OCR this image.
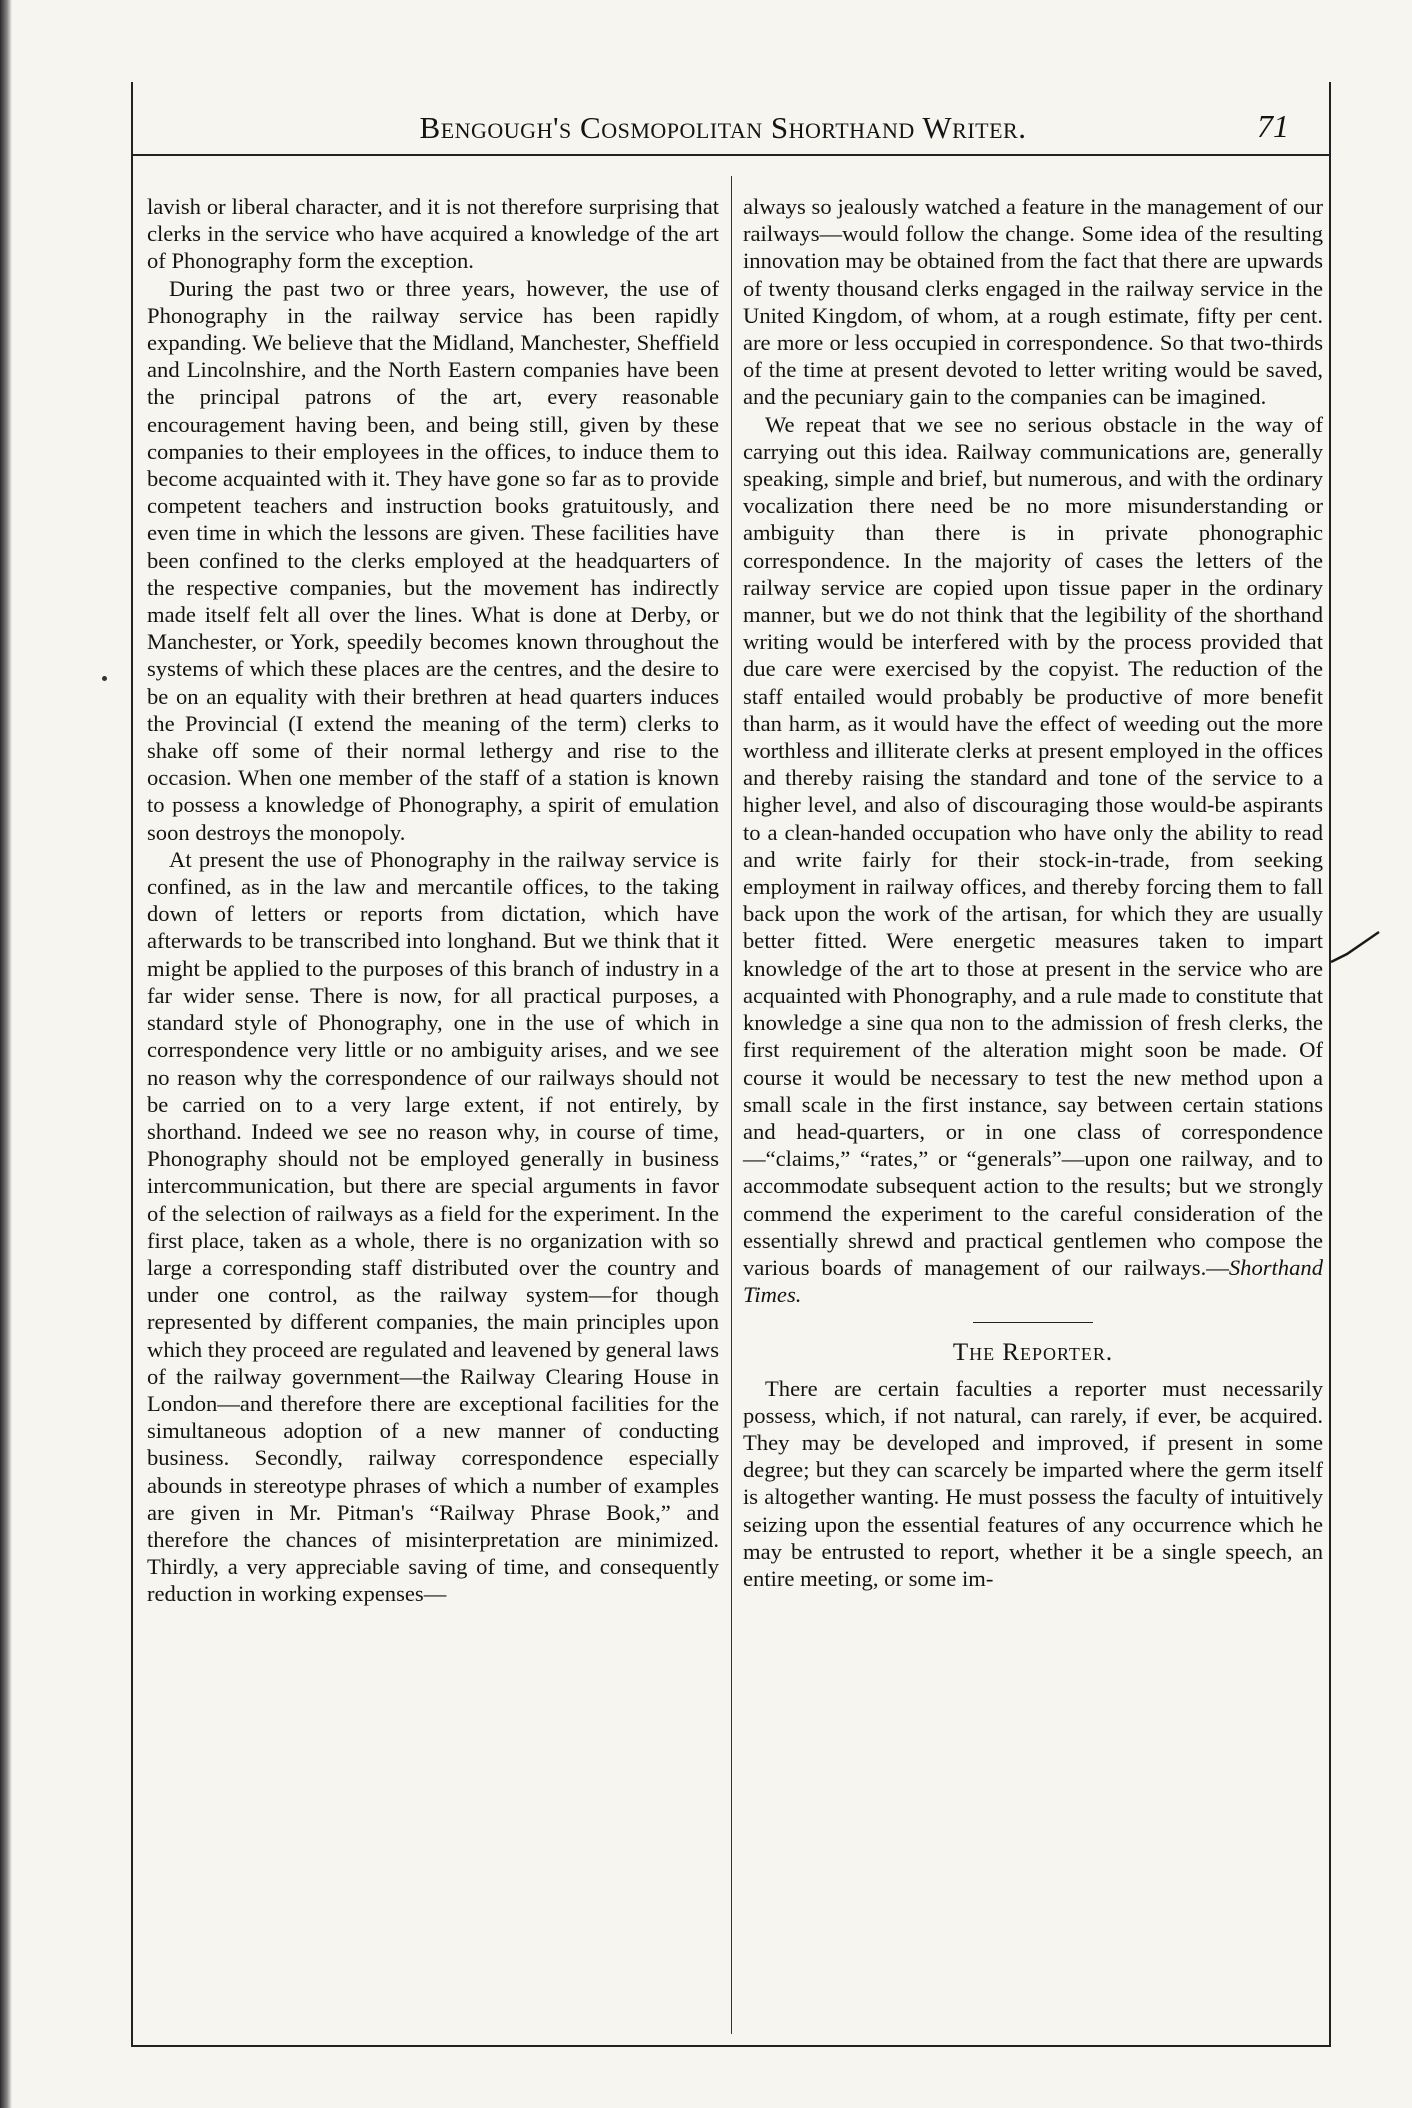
Bengough's Cosmopolitan Shorthand Writer.	71

lavish or liberal character, and it is not therefore surprising that clerks in the service who have acquired a knowledge of the art of Phonography form the exception.

During the past two or three years, however, the use of Phonography in the railway service has been rapidly expanding. We believe that the Midland, Manchester, Sheffield and Lincolnshire, and the North Eastern companies have been the principal patrons of the art, every reasonable encouragement having been, and being still, given by these companies to their employees in the offices, to induce them to become acquainted with it. They have gone so far as to provide competent teachers and instruction books gratuitously, and even time in which the lessons are given. These facilities have been confined to the clerks employed at the headquarters of the respective companies, but the movement has indirectly made itself felt all over the lines. What is done at Derby, or Manchester, or York, speedily becomes known throughout the systems of which these places are the centres, and the desire to be on an equality with their brethren at head quarters induces the Provincial (I extend the meaning of the term) clerks to shake off some of their normal lethergy and rise to the occasion. When one member of the staff of a station is known to possess a knowledge of Phonography, a spirit of emulation soon destroys the monopoly.

At present the use of Phonography in the railway service is confined, as in the law and mercantile offices, to the taking down of letters or reports from dictation, which have afterwards to be transcribed into longhand. But we think that it might be applied to the purposes of this branch of industry in a far wider sense. There is now, for all practical purposes, a standard style of Phonography, one in the use of which in correspondence very little or no ambiguity arises, and we see no reason why the correspondence of our railways should not be carried on to a very large extent, if not entirely, by shorthand. Indeed we see no reason why, in course of time, Phonography should not be employed generally in business intercommunication, but there are special arguments in favor of the selection of railways as a field for the experiment. In the first place, taken as a whole, there is no organization with so large a corresponding staff distributed over the country and under one control, as the railway system—for though represented by different companies, the main principles upon which they proceed are regulated and leavened by general laws of the railway government—the Railway Clearing House in London—and therefore there are exceptional facilities for the simultaneous adoption of a new manner of conducting business. Secondly, railway correspondence especially abounds in stereotype phrases of which a number of examples are given in Mr. Pitman's “Railway Phrase Book,” and therefore the chances of misinterpretation are minimized. Thirdly, a very appreciable saving of time, and consequently reduction in working expenses—

always so jealously watched a feature in the management of our railways—would follow the change. Some idea of the resulting innovation may be obtained from the fact that there are upwards of twenty thousand clerks engaged in the railway service in the United Kingdom, of whom, at a rough estimate, fifty per cent. are more or less occupied in correspondence. So that two-thirds of the time at present devoted to letter writing would be saved, and the pecuniary gain to the companies can be imagined.

We repeat that we see no serious obstacle in the way of carrying out this idea. Railway communications are, generally speaking, simple and brief, but numerous, and with the ordinary vocalization there need be no more misunderstanding or ambiguity than there is in private phonographic correspondence. In the majority of cases the letters of the railway service are copied upon tissue paper in the ordinary manner, but we do not think that the legibility of the shorthand writing would be interfered with by the process provided that due care were exercised by the copyist. The reduction of the staff entailed would probably be productive of more benefit than harm, as it would have the effect of weeding out the more worthless and illiterate clerks at present employed in the offices and thereby raising the standard and tone of the service to a higher level, and also of discouraging those would-be aspirants to a clean-handed occupation who have only the ability to read and write fairly for their stock-in-trade, from seeking employment in railway offices, and thereby forcing them to fall back upon the work of the artisan, for which they are usually better fitted. Were energetic measures taken to impart knowledge of the art to those at present in the service who are acquainted with Phonography, and a rule made to constitute that knowledge a sine qua non to the admission of fresh clerks, the first requirement of the alteration might soon be made. Of course it would be necessary to test the new method upon a small scale in the first instance, say between certain stations and head-quarters, or in one class of correspondence—“claims,” “rates,” or “generals”—upon one railway, and to accommodate subsequent action to the results; but we strongly commend the experiment to the careful consideration of the essentially shrewd and practical gentlemen who compose the various boards of management of our railways.—Shorthand Times.

The Reporter.

There are certain faculties a reporter must necessarily possess, which, if not natural, can rarely, if ever, be acquired. They may be developed and improved, if present in some degree; but they can scarcely be imparted where the germ itself is altogether wanting. He must possess the faculty of intuitively seizing upon the essential features of any occurrence which he may be entrusted to report, whether it be a single speech, an entire meeting, or some im-
